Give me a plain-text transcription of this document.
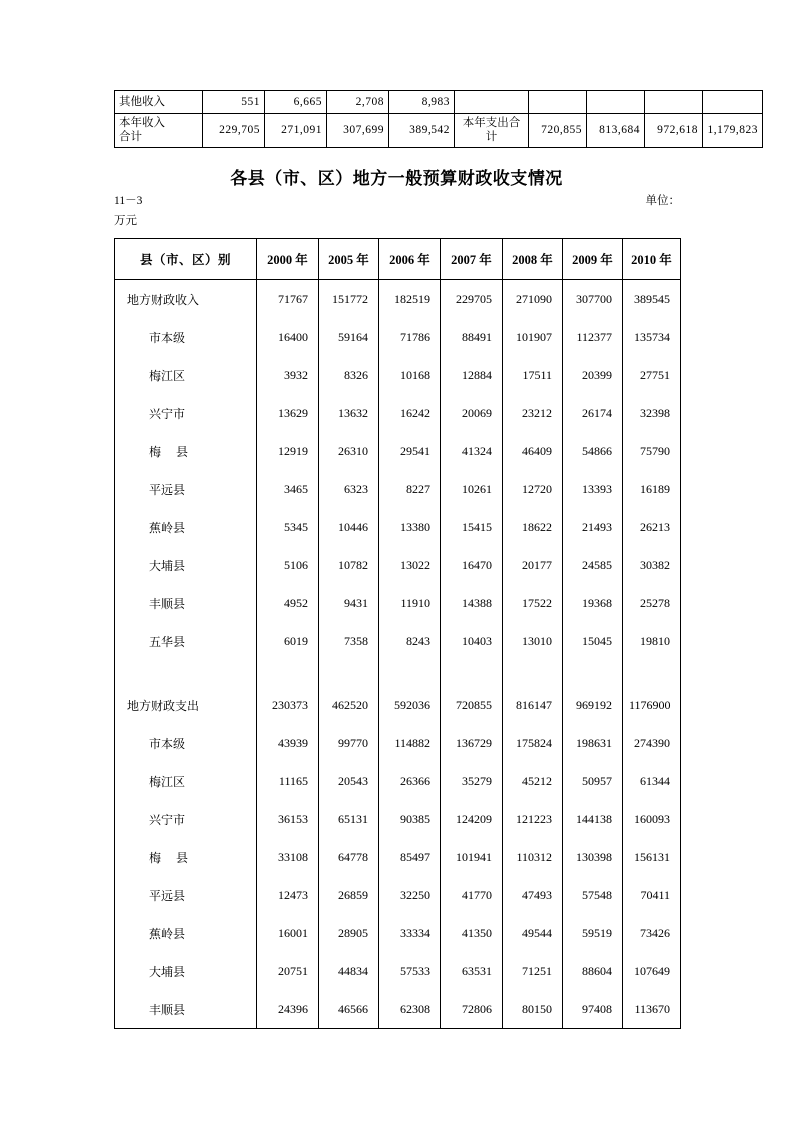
其他收入	551	6,665	2,708	8,983					

本年收入
合计	229,705	271,091	307,699	389,542	本年支出合计	720,855	813,684	972,618	1,179,823
各县（市、区）地方一般预算财政收支情况
11－3	单位：
万元
县（市、区）别	2000 年	2005 年	2006 年	2007 年	2008 年	2009 年	2010 年
地方财政收入	71767	151772	182519	229705	271090	307700	389545
市本级	16400	59164	71786	88491	101907	112377	135734
梅江区	3932	8326	10168	12884	17511	20399	27751
兴宁市	13629	13632	16242	20069	23212	26174	32398
梅 县	12919	26310	29541	41324	46409	54866	75790
平远县	3465	6323	8227	10261	12720	13393	16189
蕉岭县	5345	10446	13380	15415	18622	21493	26213
大埔县	5106	10782	13022	16470	20177	24585	30382
丰顺县	4952	9431	11910	14388	17522	19368	25278
五华县	6019	7358	8243	10403	13010	15045	19810

地方财政支出	230373	462520	592036	720855	816147	969192	1176900
市本级	43939	99770	114882	136729	175824	198631	274390
梅江区	11165	20543	26366	35279	45212	50957	61344
兴宁市	36153	65131	90385	124209	121223	144138	160093
梅 县	33108	64778	85497	101941	110312	130398	156131
平远县	12473	26859	32250	41770	47493	57548	70411
蕉岭县	16001	28905	33334	41350	49544	59519	73426
大埔县	20751	44834	57533	63531	71251	88604	107649
丰顺县	24396	46566	62308	72806	80150	97408	113670
